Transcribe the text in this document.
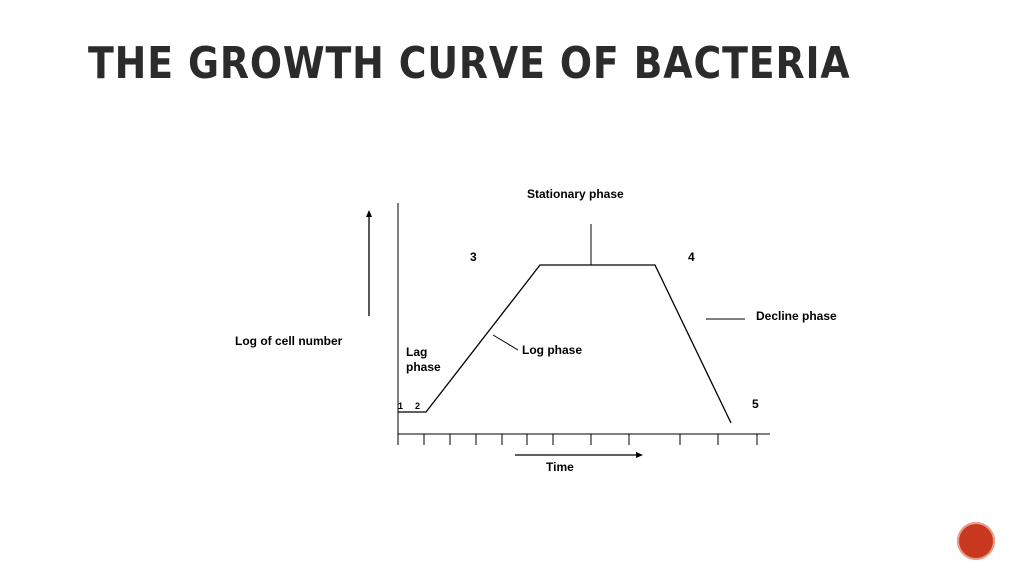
THE GROWTH CURVE OF BACTERIA
Stationary phase
Log phase
Lag
phase
Decline phase
Log of cell number
Time
1 2
3	4
5
